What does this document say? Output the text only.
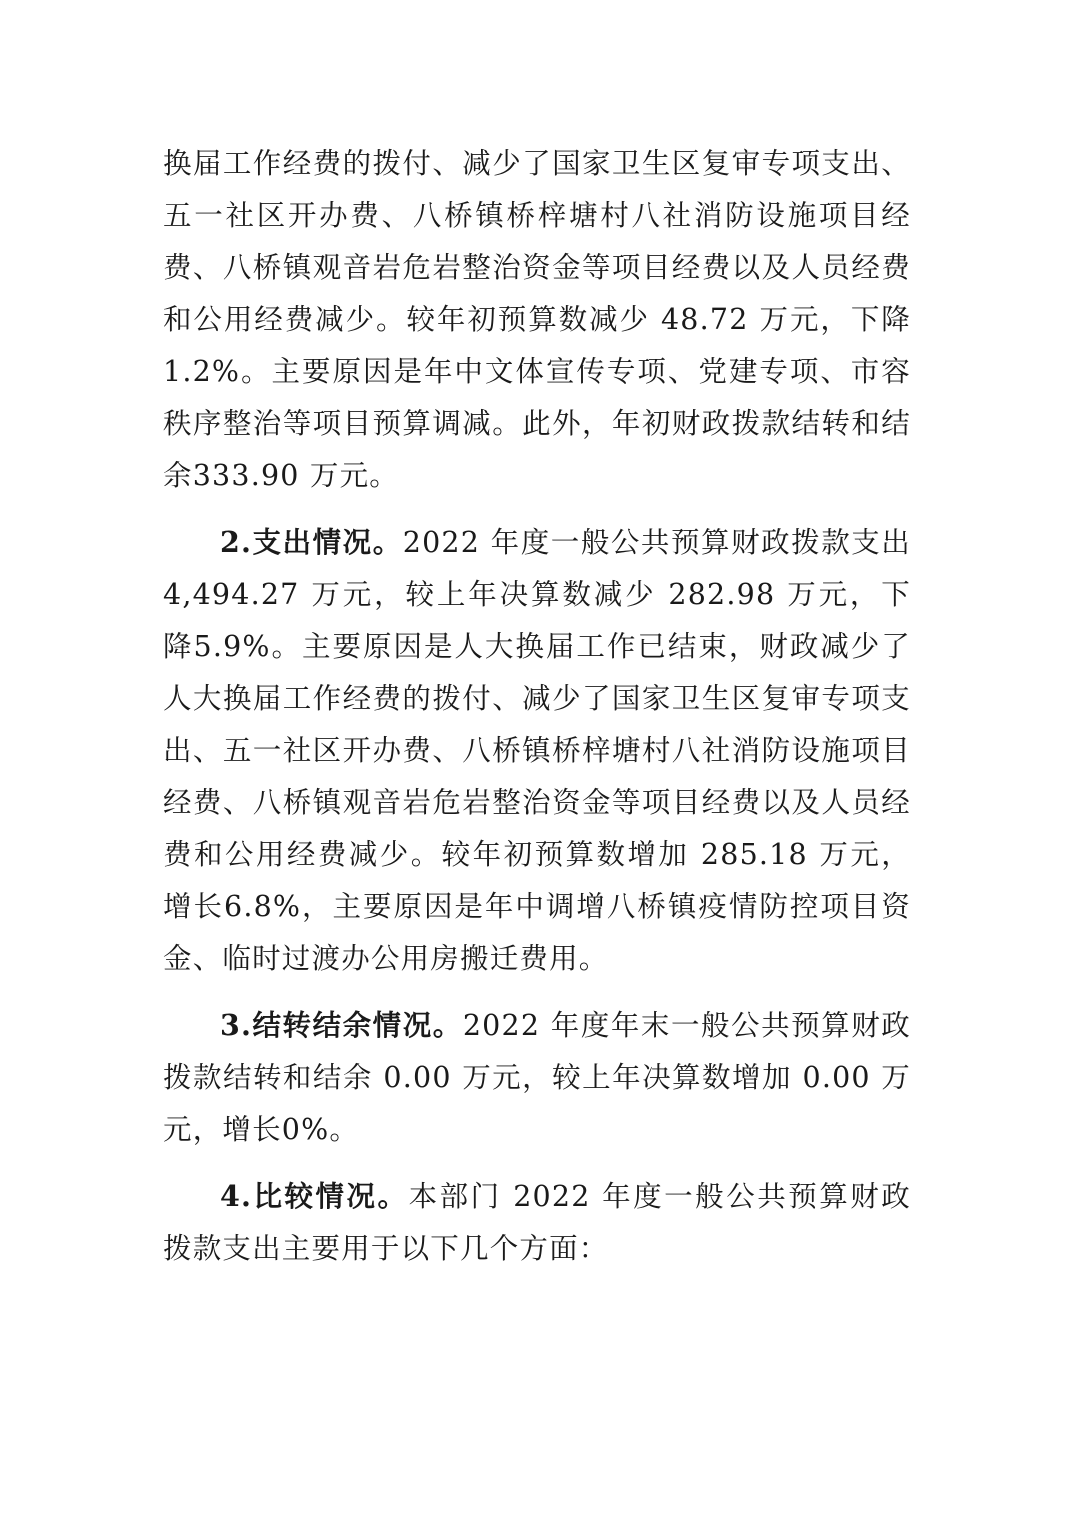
换届工作经费的拨付、减少了国家卫生区复审专项支出、五一社区开办费、八桥镇桥梓塘村八社消防设施项目经费、八桥镇观音岩危岩整治资金等项目经费以及人员经费和公用经费减少。较年初预算数减少 48.72 万元，下降1.2%。主要原因是年中文体宣传专项、党建专项、市容秩序整治等项目预算调减。此外，年初财政拨款结转和结余333.90 万元。

2.支出情况。2022 年度一般公共预算财政拨款支出4,494.27 万元，较上年决算数减少 282.98 万元，下降5.9%。主要原因是人大换届工作已结束，财政减少了人大换届工作经费的拨付、减少了国家卫生区复审专项支出、五一社区开办费、八桥镇桥梓塘村八社消防设施项目经费、八桥镇观音岩危岩整治资金等项目经费以及人员经费和公用经费减少。较年初预算数增加 285.18 万元，增长6.8%，主要原因是年中调增八桥镇疫情防控项目资金、临时过渡办公用房搬迁费用。

3.结转结余情况。2022 年度年末一般公共预算财政拨款结转和结余 0.00 万元，较上年决算数增加 0.00 万元，增长0%。

4.比较情况。本部门 2022 年度一般公共预算财政拨款支出主要用于以下几个方面：
